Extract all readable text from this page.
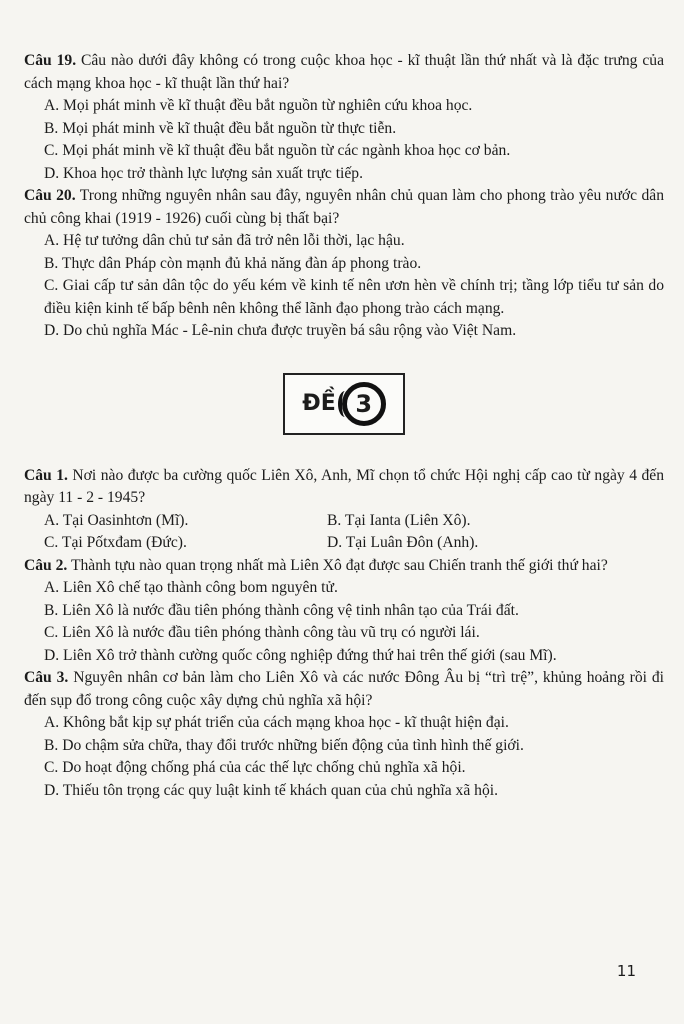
Câu 19. Câu nào dưới đây không có trong cuộc khoa học - kĩ thuật lần thứ nhất và là đặc trưng của cách mạng khoa học - kĩ thuật lần thứ hai?
A. Mọi phát minh về kĩ thuật đều bắt nguồn từ nghiên cứu khoa học.
B. Mọi phát minh về kĩ thuật đều bắt nguồn từ thực tiễn.
C. Mọi phát minh về kĩ thuật đều bắt nguồn từ các ngành khoa học cơ bản.
D. Khoa học trở thành lực lượng sản xuất trực tiếp.
Câu 20. Trong những nguyên nhân sau đây, nguyên nhân chủ quan làm cho phong trào yêu nước dân chủ công khai (1919 - 1926) cuối cùng bị thất bại?
A. Hệ tư tưởng dân chủ tư sản đã trở nên lỗi thời, lạc hậu.
B. Thực dân Pháp còn mạnh đủ khả năng đàn áp phong trào.
C. Giai cấp tư sản dân tộc do yếu kém về kinh tế nên ươn hèn về chính trị; tầng lớp tiểu tư sản do điều kiện kinh tế bấp bênh nên không thể lãnh đạo phong trào cách mạng.
D. Do chủ nghĩa Mác - Lê-nin chưa được truyền bá sâu rộng vào Việt Nam.
ĐỀ 3
Câu 1. Nơi nào được ba cường quốc Liên Xô, Anh, Mĩ chọn tổ chức Hội nghị cấp cao từ ngày 4 đến ngày 11 - 2 - 1945?
A. Tại Oasinhtơn (Mĩ).	B. Tại Ianta (Liên Xô).
C. Tại Pốtxđam (Đức).	D. Tại Luân Đôn (Anh).
Câu 2. Thành tựu nào quan trọng nhất mà Liên Xô đạt được sau Chiến tranh thế giới thứ hai?
A. Liên Xô chế tạo thành công bom nguyên tử.
B. Liên Xô là nước đầu tiên phóng thành công vệ tinh nhân tạo của Trái đất.
C. Liên Xô là nước đầu tiên phóng thành công tàu vũ trụ có người lái.
D. Liên Xô trở thành cường quốc công nghiệp đứng thứ hai trên thế giới (sau Mĩ).
Câu 3. Nguyên nhân cơ bản làm cho Liên Xô và các nước Đông Âu bị “trì trệ”, khủng hoảng rồi đi đến sụp đổ trong công cuộc xây dựng chủ nghĩa xã hội?
A. Không bắt kịp sự phát triển của cách mạng khoa học - kĩ thuật hiện đại.
B. Do chậm sửa chữa, thay đổi trước những biến động của tình hình thế giới.
C. Do hoạt động chống phá của các thế lực chống chủ nghĩa xã hội.
D. Thiếu tôn trọng các quy luật kinh tế khách quan của chủ nghĩa xã hội.
11
